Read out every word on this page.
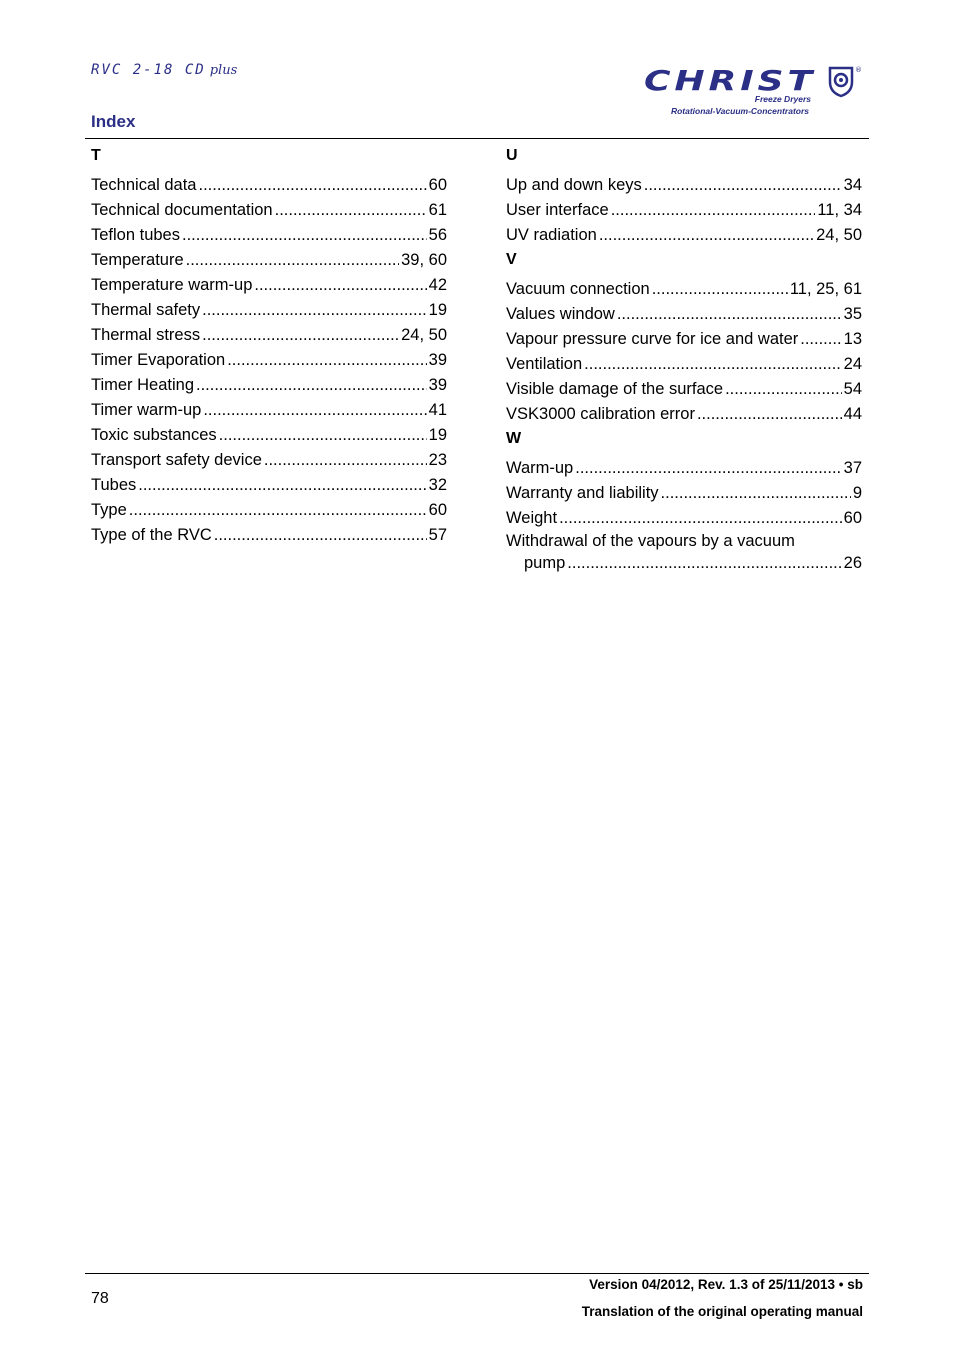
RVC 2-18 CD plus
Index
CHRIST	®
Freeze Dryers
Rotational-Vacuum-Concentrators
T
Technical data .....	60
Technical documentation .....	61
Teflon tubes .....	56
Temperature .....	39, 60
Temperature warm-up .....	42
Thermal safety .....	19
Thermal stress .....	24, 50
Timer Evaporation .....	39
Timer Heating .....	39
Timer warm-up .....	41
Toxic substances .....	19
Transport safety device .....	23
Tubes .....	32
Type .....	60
Type of the RVC .....	57
U
Up and down keys .....	34
User interface .....	11, 34
UV radiation .....	24, 50
V
Vacuum connection .....	11, 25, 61
Values window .....	35
Vapour pressure curve for ice and water .....	13
Ventilation .....	24
Visible damage of the surface .....	54
VSK3000 calibration error .....	44
W
Warm-up .....	37
Warranty and liability .....	9
Weight .....	60
Withdrawal of the vapours by a vacuum
pump .....	26
78
Version 04/2012, Rev. 1.3 of 25/11/2013 • sb
Translation of the original operating manual
